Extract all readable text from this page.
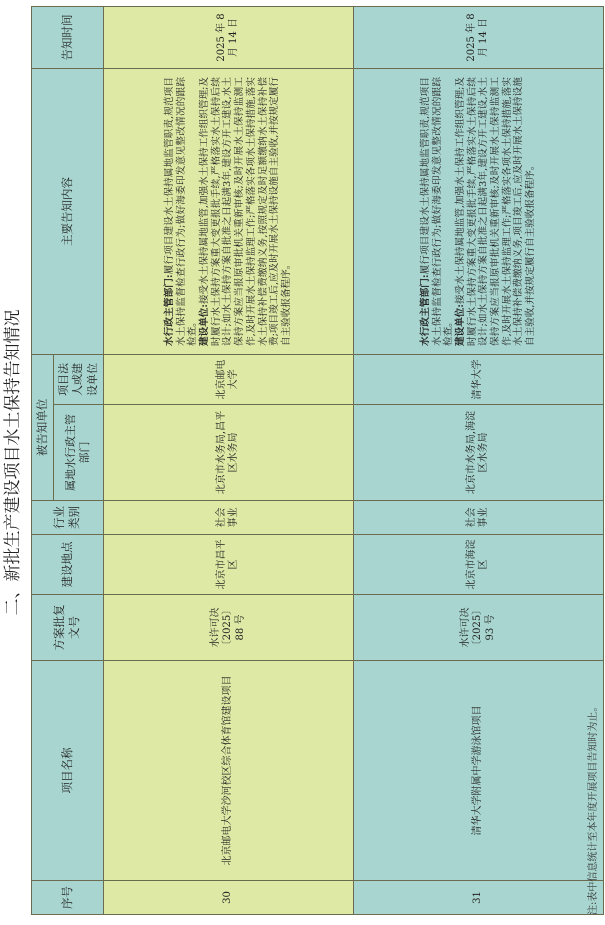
二、新批生产建设项目水土保持告知情况
序号	项目名称	方案批复文号	建设地点	行业类别	被告知单位		主要告知内容	告知时间
					属地水行政主管部门	项目法人或建设单位		
30	北京邮电大学沙河校区综合体育馆建设项目	水许可决〔2025〕88 号	北京市昌平区	社会事业	北京市水务局,昌平区水务局	北京邮电大学	水行政主管部门:履行项目建设水土保持属地监管职责,规范项目水土保持监督检查行政行为;做好海委印发意见整改情况的跟踪检查。 建设单位:接受水土保持属地监管,加强水土保持工作组织管理;及时履行水土保持方案重大变更报批手续,严格落实水土保持后续设计;如水土保持方案自批准之日起满3年,建设方开工建设,水土保持方案应当报原审批机关重新审核;及时开展水土保持监测工作,及时开展水土保持监理工作;严格落实各项水土保持措施,落实水土保持补偿费缴纳义务,按照规定及时足额缴纳水土保持补偿费;项目竣工后,应及时开展水土保持设施自主验收,并按规定履行自主验收报备程序。	2025 年 8 月 14 日
31	清华大学附属中学游泳馆项目	水许可决〔2025〕93 号	北京市海淀区	社会事业	北京市水务局,海淀区水务局	清华大学	水行政主管部门:履行项目建设水土保持属地监管职责,规范项目水土保持监督检查行政行为;做好海委印发意见整改情况的跟踪检查。 建设单位:接受水土保持属地监管,加强水土保持工作组织管理;及时履行水土保持方案重大变更报批手续,严格落实水土保持后续设计;如水土保持方案自批准之日起满3年,建设方开工建设,水土保持方案应当报原审批机关重新审核;及时开展水土保持监测工作,及时开展水土保持监理工作;严格落实各项水土保持措施,落实水土保持补偿费缴纳义务,项目竣工后,应及时开展水土保持设施自主验收,并按规定履行自主验收报备程序。	2025 年 8 月 14 日
注:表中信息统计至本年度开展项目告知时为止。
